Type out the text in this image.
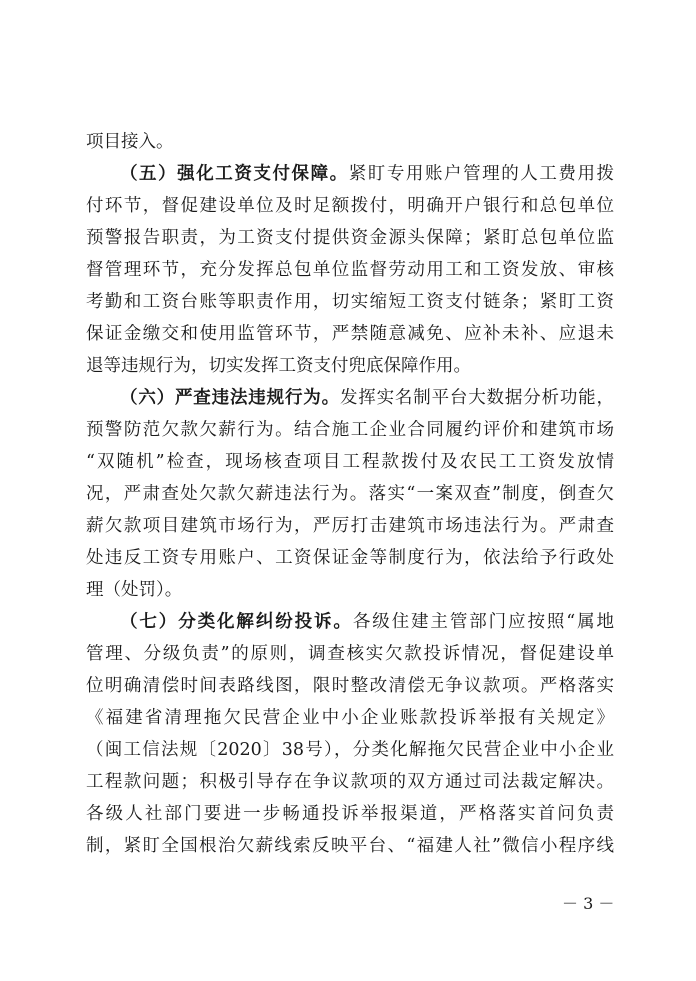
项目接入。
（五）强化工资支付保障。紧盯专用账户管理的人工费用拨
付环节，督促建设单位及时足额拨付，明确开户银行和总包单位
预警报告职责，为工资支付提供资金源头保障；紧盯总包单位监
督管理环节，充分发挥总包单位监督劳动用工和工资发放、审核
考勤和工资台账等职责作用，切实缩短工资支付链条；紧盯工资
保证金缴交和使用监管环节，严禁随意减免、应补未补、应退未
退等违规行为，切实发挥工资支付兜底保障作用。
（六）严查违法违规行为。发挥实名制平台大数据分析功能，
预警防范欠款欠薪行为。结合施工企业合同履约评价和建筑市场
“双随机”检查，现场核查项目工程款拨付及农民工工资发放情
况，严肃查处欠款欠薪违法行为。落实“一案双查”制度，倒查欠
薪欠款项目建筑市场行为，严厉打击建筑市场违法行为。严肃查
处违反工资专用账户、工资保证金等制度行为，依法给予行政处
理（处罚）。
（七）分类化解纠纷投诉。各级住建主管部门应按照“属地
管理、分级负责”的原则，调查核实欠款投诉情况，督促建设单
位明确清偿时间表路线图，限时整改清偿无争议款项。严格落实
《福建省清理拖欠民营企业中小企业账款投诉举报有关规定》
（闽工信法规〔2020〕38号），分类化解拖欠民营企业中小企业
工程款问题；积极引导存在争议款项的双方通过司法裁定解决。
各级人社部门要进一步畅通投诉举报渠道，严格落实首问负责
制，紧盯全国根治欠薪线索反映平台、“福建人社”微信小程序线
－ 3 －
